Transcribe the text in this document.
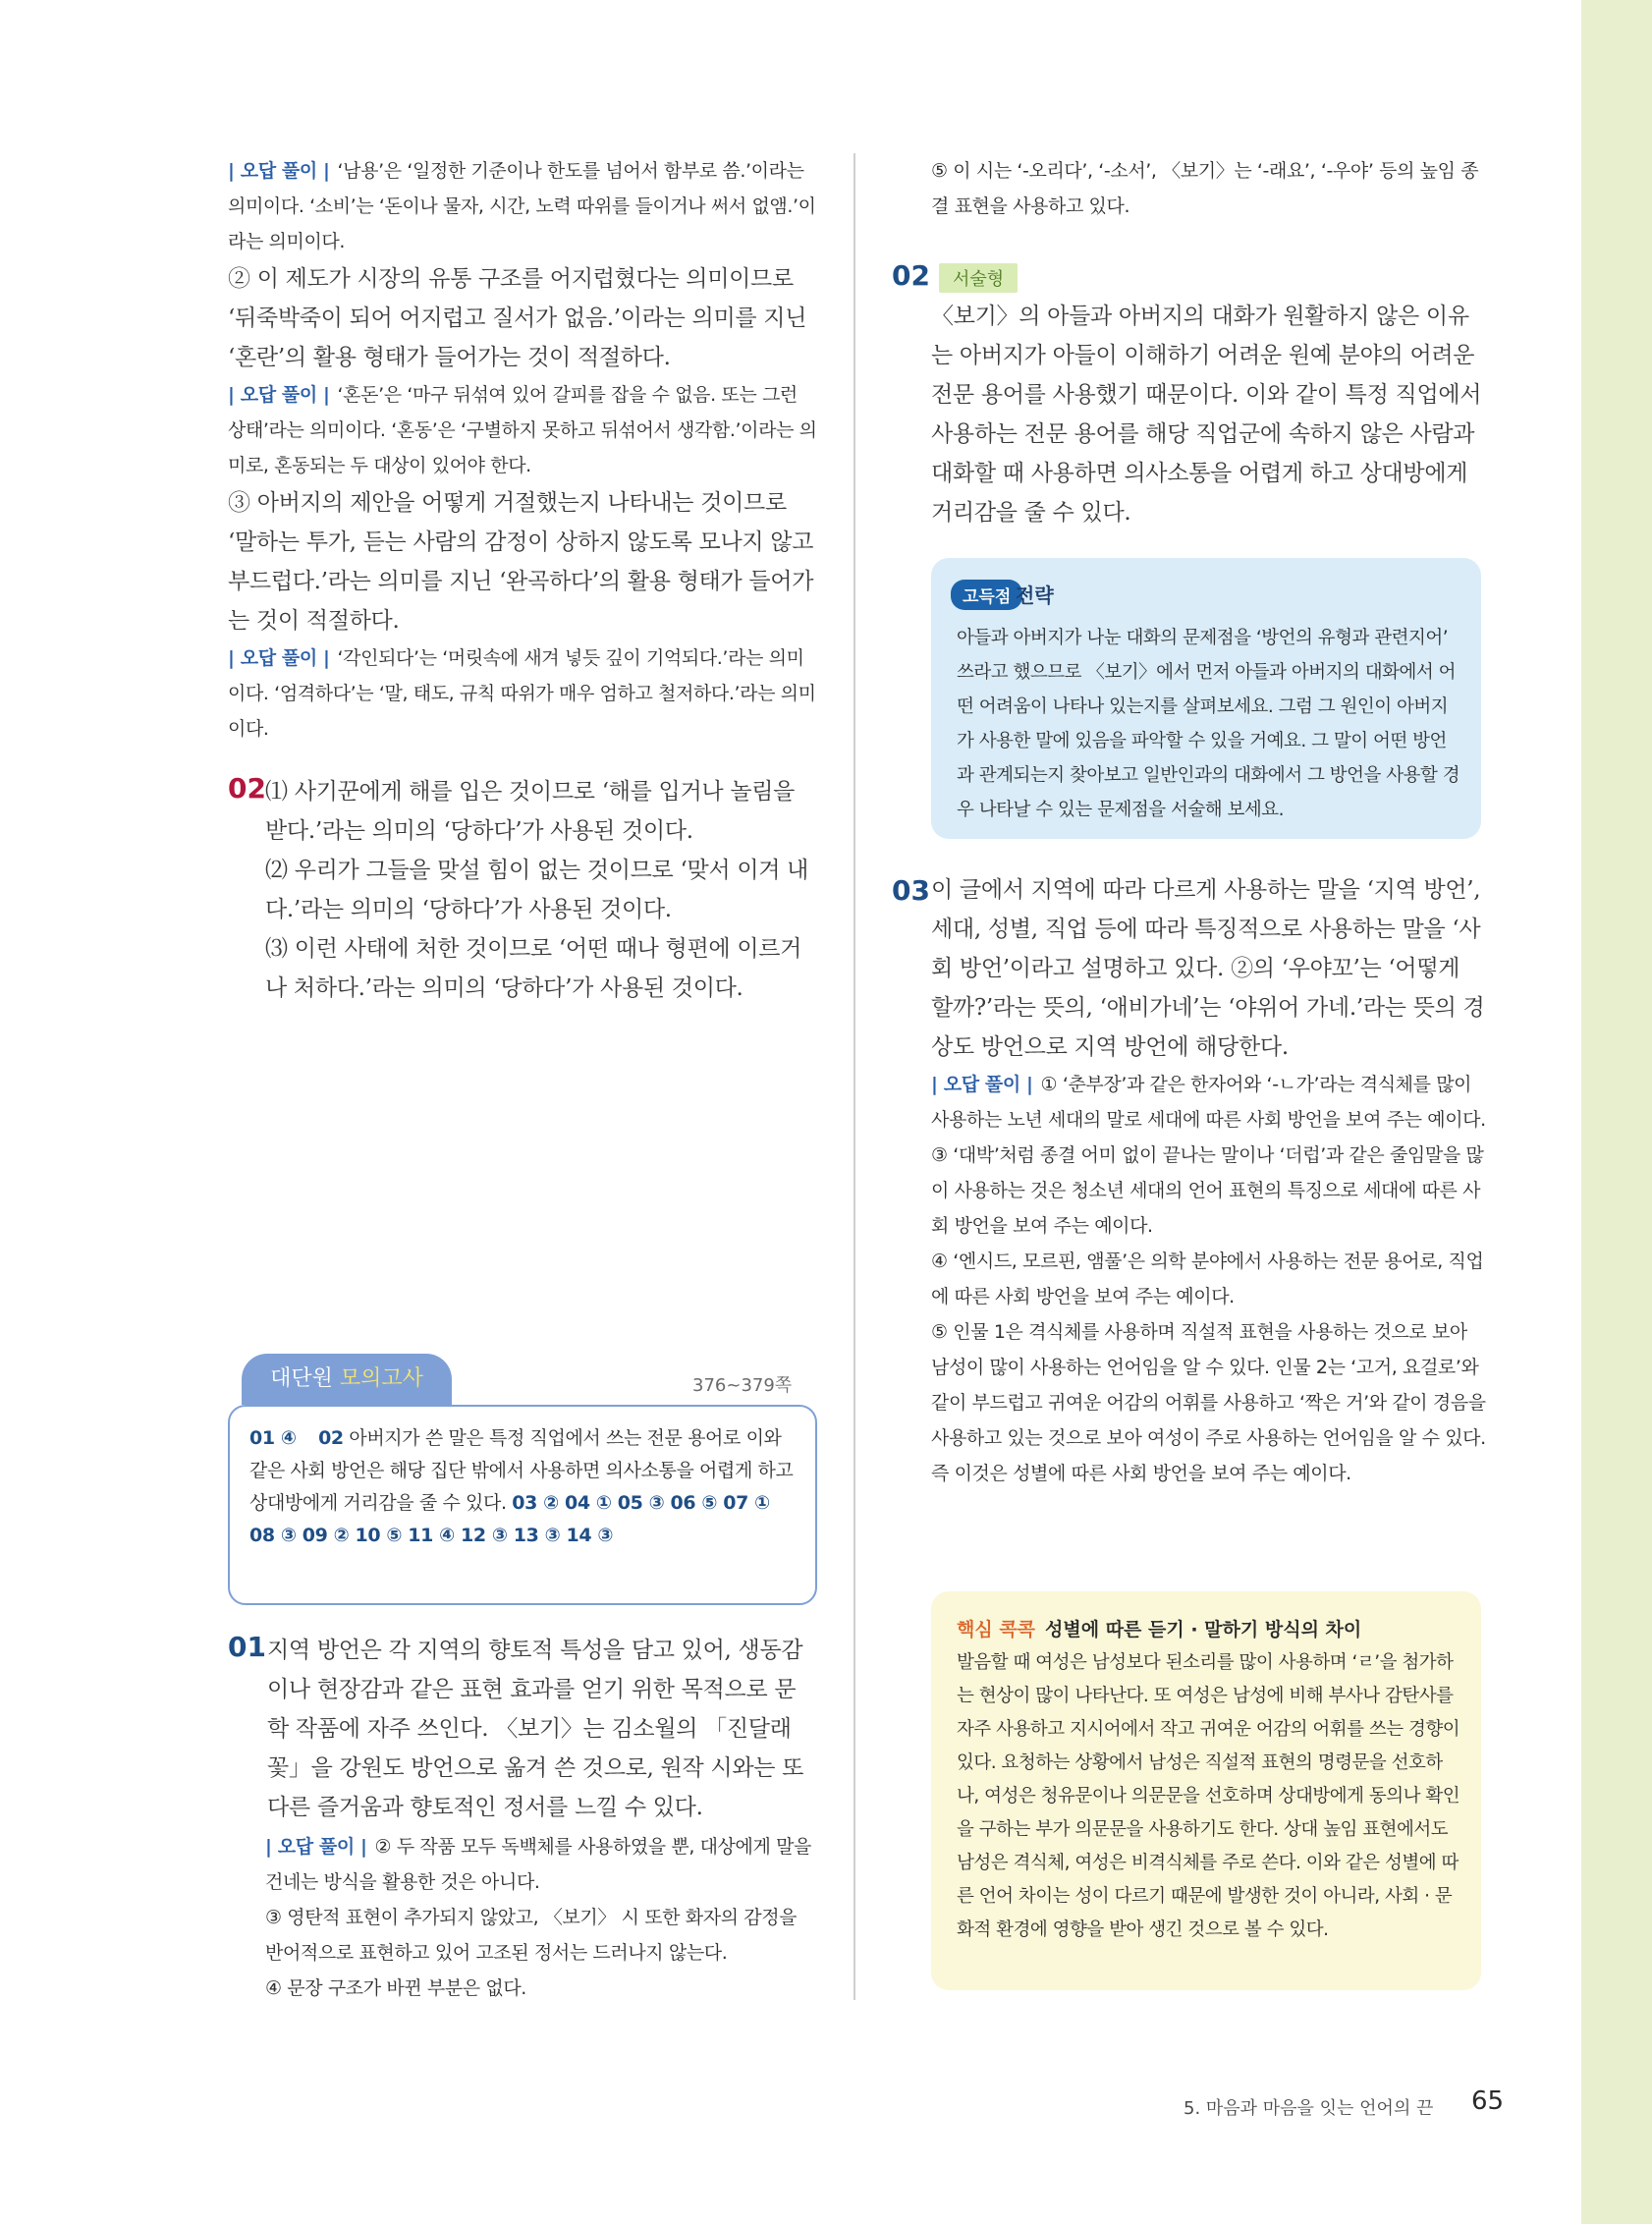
| 오답 풀이 | ‘남용’은 ‘일정한 기준이나 한도를 넘어서 함부로 씀.’이라는 의미이다. ‘소비’는 ‘돈이나 물자, 시간, 노력 따위를 들이거나 써서 없앰.’이라는 의미이다.

② 이 제도가 시장의 유통 구조를 어지럽혔다는 의미이므로 ‘뒤죽박죽이 되어 어지럽고 질서가 없음.’이라는 의미를 지닌 ‘혼란’의 활용 형태가 들어가는 것이 적절하다.

| 오답 풀이 | ‘혼돈’은 ‘마구 뒤섞여 있어 갈피를 잡을 수 없음. 또는 그런 상태’라는 의미이다. ‘혼동’은 ‘구별하지 못하고 뒤섞어서 생각함.’이라는 의미로, 혼동되는 두 대상이 있어야 한다.

③ 아버지의 제안을 어떻게 거절했는지 나타내는 것이므로 ‘말하는 투가, 듣는 사람의 감정이 상하지 않도록 모나지 않고 부드럽다.’라는 의미를 지닌 ‘완곡하다’의 활용 형태가 들어가는 것이 적절하다.

| 오답 풀이 | ‘각인되다’는 ‘머릿속에 새겨 넣듯 깊이 기억되다.’라는 의미이다. ‘엄격하다’는 ‘말, 태도, 규칙 따위가 매우 엄하고 철저하다.’라는 의미이다.

02 ⑴ 사기꾼에게 해를 입은 것이므로 ‘해를 입거나 놀림을 받다.’라는 의미의 ‘당하다’가 사용된 것이다.

⑵ 우리가 그들을 맞설 힘이 없는 것이므로 ‘맞서 이겨 내다.’라는 의미의 ‘당하다’가 사용된 것이다.

⑶ 이런 사태에 처한 것이므로 ‘어떤 때나 형편에 이르거나 처하다.’라는 의미의 ‘당하다’가 사용된 것이다.

대단원 모의고사	376~379쪽
01 ④ 02 아버지가 쓴 말은 특정 직업에서 쓰는 전문 용어로 이와 같은 사회 방언은 해당 집단 밖에서 사용하면 의사소통을 어렵게 하고 상대방에게 거리감을 줄 수 있다. 03 ② 04 ① 05 ③ 06 ⑤ 07 ① 08 ③ 09 ② 10 ⑤ 11 ④ 12 ③ 13 ③ 14 ③
01 지역 방언은 각 지역의 향토적 특성을 담고 있어, 생동감이나 현장감과 같은 표현 효과를 얻기 위한 목적으로 문학 작품에 자주 쓰인다. 〈보기〉는 김소월의 「진달래꽃」을 강원도 방언으로 옮겨 쓴 것으로, 원작 시와는 또 다른 즐거움과 향토적인 정서를 느낄 수 있다.

| 오답 풀이 | ② 두 작품 모두 독백체를 사용하였을 뿐, 대상에게 말을 건네는 방식을 활용한 것은 아니다.

③ 영탄적 표현이 추가되지 않았고, 〈보기〉 시 또한 화자의 감정을 반어적으로 표현하고 있어 고조된 정서는 드러나지 않는다.

④ 문장 구조가 바뀐 부분은 없다.

⑤ 이 시는 ‘-오리다’, ‘-소서’, 〈보기〉는 ‘-래요’, ‘-우야’ 등의 높임 종결 표현을 사용하고 있다.

02	서술형

〈보기〉의 아들과 아버지의 대화가 원활하지 않은 이유는 아버지가 아들이 이해하기 어려운 원예 분야의 어려운 전문 용어를 사용했기 때문이다. 이와 같이 특정 직업에서 사용하는 전문 용어를 해당 직업군에 속하지 않은 사람과 대화할 때 사용하면 의사소통을 어렵게 하고 상대방에게 거리감을 줄 수 있다.

고득점 전략
아들과 아버지가 나눈 대화의 문제점을 ‘방언의 유형과 관련지어’ 쓰라고 했으므로 〈보기〉에서 먼저 아들과 아버지의 대화에서 어떤 어려움이 나타나 있는지를 살펴보세요. 그럼 그 원인이 아버지가 사용한 말에 있음을 파악할 수 있을 거예요. 그 말이 어떤 방언과 관계되는지 찾아보고 일반인과의 대화에서 그 방언을 사용할 경우 나타날 수 있는 문제점을 서술해 보세요.
03 이 글에서 지역에 따라 다르게 사용하는 말을 ‘지역 방언’, 세대, 성별, 직업 등에 따라 특징적으로 사용하는 말을 ‘사회 방언’이라고 설명하고 있다. ②의 ‘우야꼬’는 ‘어떻게 할까?’라는 뜻의, ‘애비가네’는 ‘야위어 가네.’라는 뜻의 경상도 방언으로 지역 방언에 해당한다.

| 오답 풀이 | ① ‘춘부장’과 같은 한자어와 ‘-ㄴ가’라는 격식체를 많이 사용하는 노년 세대의 말로 세대에 따른 사회 방언을 보여 주는 예이다.

③ ‘대박’처럼 종결 어미 없이 끝나는 말이나 ‘더럽’과 같은 줄임말을 많이 사용하는 것은 청소년 세대의 언어 표현의 특징으로 세대에 따른 사회 방언을 보여 주는 예이다.

④ ‘엔시드, 모르핀, 앰풀’은 의학 분야에서 사용하는 전문 용어로, 직업에 따른 사회 방언을 보여 주는 예이다.

⑤ 인물 1은 격식체를 사용하며 직설적 표현을 사용하는 것으로 보아 남성이 많이 사용하는 언어임을 알 수 있다. 인물 2는 ‘고거, 요걸로’와 같이 부드럽고 귀여운 어감의 어휘를 사용하고 ‘짝은 거’와 같이 경음을 사용하고 있는 것으로 보아 여성이 주로 사용하는 언어임을 알 수 있다. 즉 이것은 성별에 따른 사회 방언을 보여 주는 예이다.

핵심 콕콕 성별에 따른 듣기 · 말하기 방식의 차이
발음할 때 여성은 남성보다 된소리를 많이 사용하며 ‘ㄹ’을 첨가하는 현상이 많이 나타난다. 또 여성은 남성에 비해 부사나 감탄사를 자주 사용하고 지시어에서 작고 귀여운 어감의 어휘를 쓰는 경향이 있다. 요청하는 상황에서 남성은 직설적 표현의 명령문을 선호하나, 여성은 청유문이나 의문문을 선호하며 상대방에게 동의나 확인을 구하는 부가 의문문을 사용하기도 한다. 상대 높임 표현에서도 남성은 격식체, 여성은 비격식체를 주로 쓴다. 이와 같은 성별에 따른 언어 차이는 성이 다르기 때문에 발생한 것이 아니라, 사회 · 문화적 환경에 영향을 받아 생긴 것으로 볼 수 있다.
5. 마음과 마음을 잇는 언어의 끈 65
